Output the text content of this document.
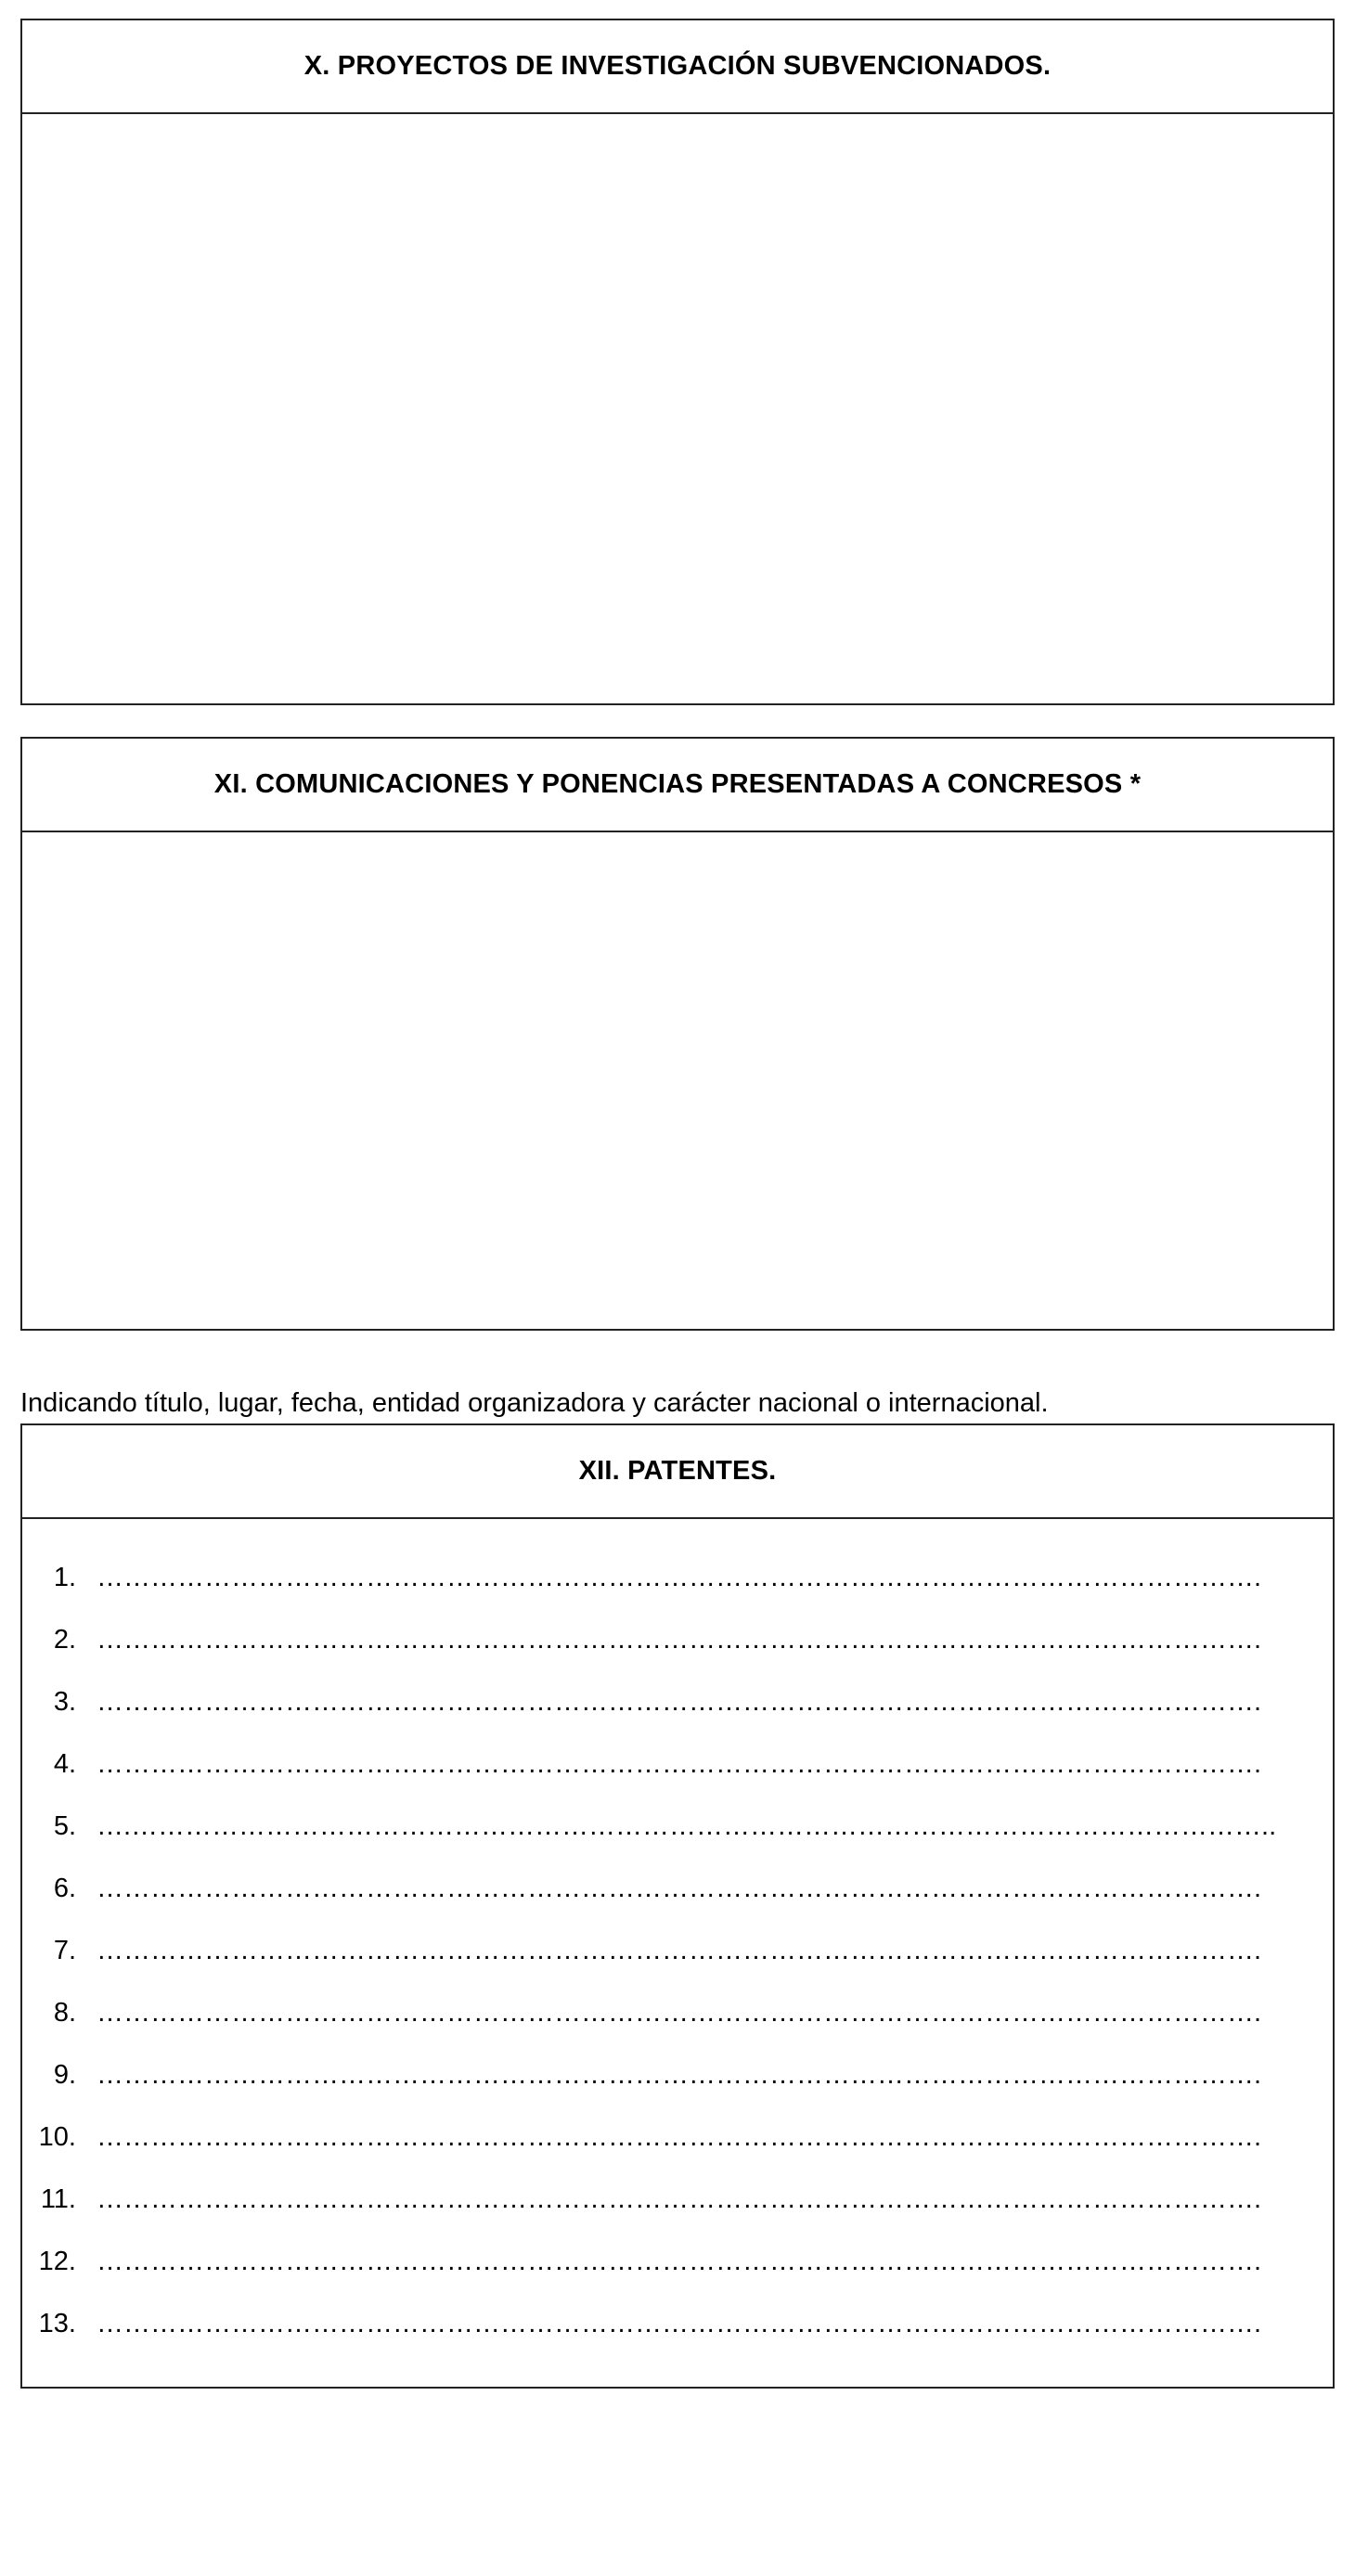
X. PROYECTOS DE INVESTIGACIÓN SUBVENCIONADOS.
XI. COMUNICACIONES Y PONENCIAS PRESENTADAS A CONCRESOS *

Indicando título, lugar, fecha, entidad organizadora y carácter nacional o internacional.

XII. PATENTES.
1. ………………………………………………………………………………………………………………….
2. ………………………………………………………………………………………………………………….
3. ………………………………………………………………………………………………………………….
4. ………………………………………………………………………………………………………………….
5. ….………………………………………………………………………………………………………………..
6. ………………………………………………………………………………………………………………….
7. ………………………………………………………………………………………………………………….
8. ………………………………………………………………………………………………………………….
9. ………………………………………………………………………………………………………………….
10. ………………………………………………………………………………………………………………….
11. ………………………………………………………………………………………………………………….
12. ………………………………………………………………………………………………………………….
13. ………………………………………………………………………………………………………………….
